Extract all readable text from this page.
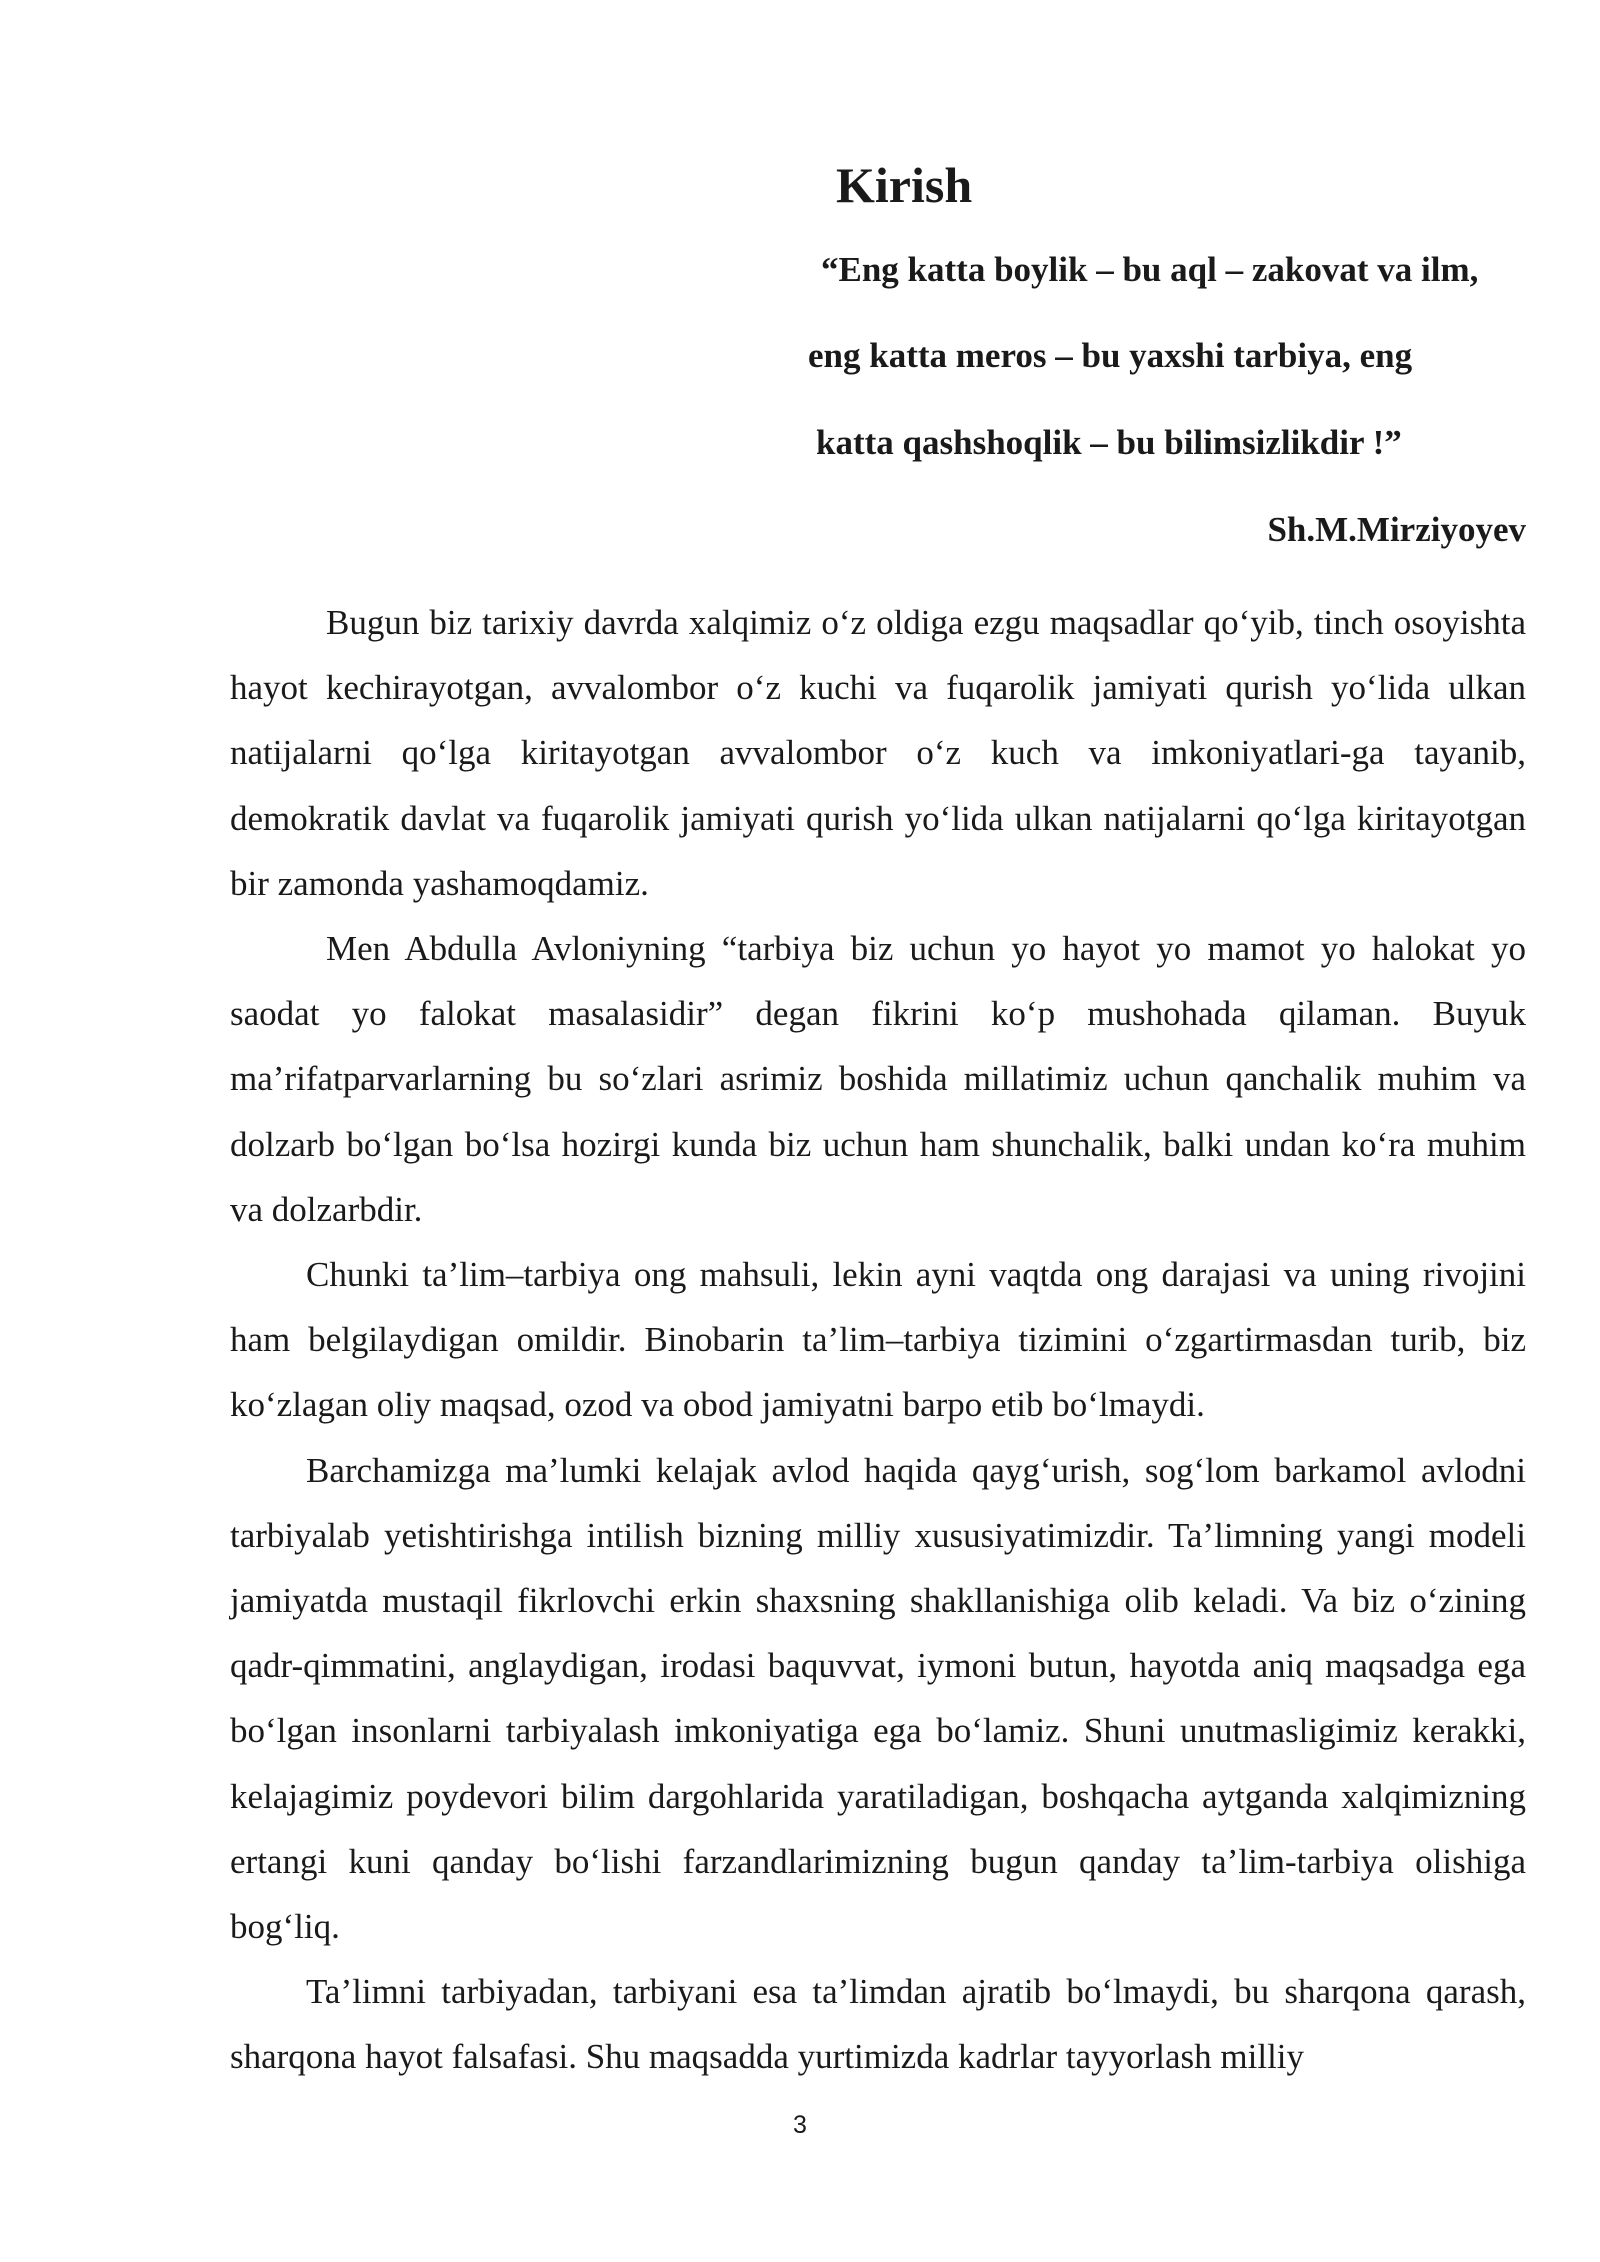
Kirish

“Eng katta boylik – bu aql – zakovat va ilm,

eng katta meros – bu yaxshi tarbiya, eng

katta qashshoqlik – bu bilimsizlikdir !”

Sh.M.Mirziyoyev

Bugun biz tarixiy davrda xalqimiz o‘z oldiga ezgu maqsadlar qo‘yib, tinch osoyishta hayot kechirayotgan, avvalombor o‘z kuchi va fuqarolik jamiyati qurish yo‘lida ulkan natijalarni qo‘lga kiritayotgan avvalombor o‘z kuch va imkoniyatlari-ga tayanib, demokratik davlat va fuqarolik jamiyati qurish yo‘lida ulkan natijalarni qo‘lga kiritayotgan bir zamonda yashamoqdamiz.

Men Abdulla Avloniyning “tarbiya biz uchun yo hayot yo mamot yo halokat yo saodat yo falokat masalasidir” degan fikrini ko‘p mushohada qilaman. Buyuk ma’rifatparvarlarning bu so‘zlari asrimiz boshida millatimiz uchun qanchalik muhim va dolzarb bo‘lgan bo‘lsa hozirgi kunda biz uchun ham shunchalik, balki undan ko‘ra muhim va dolzarbdir.

Chunki ta’lim–tarbiya ong mahsuli, lekin ayni vaqtda ong darajasi va uning rivojini ham belgilaydigan omildir. Binobarin ta’lim–tarbiya tizimini o‘zgartirmasdan turib, biz ko‘zlagan oliy maqsad, ozod va obod jamiyatni barpo etib bo‘lmaydi.

Barchamizga ma’lumki kelajak avlod haqida qayg‘urish, sog‘lom barkamol avlodni tarbiyalab yetishtirishga intilish bizning milliy xususiyatimizdir. Ta’limning yangi modeli jamiyatda mustaqil fikrlovchi erkin shaxsning shakllanishiga olib keladi. Va biz o‘zining qadr-qimmatini, anglaydigan, irodasi baquvvat, iymoni butun, hayotda aniq maqsadga ega bo‘lgan insonlarni tarbiyalash imkoniyatiga ega bo‘lamiz. Shuni unutmasligimiz kerakki, kelajagimiz poydevori bilim dargohlarida yaratiladigan, boshqacha aytganda xalqimizning ertangi kuni qanday bo‘lishi farzandlarimizning bugun qanday ta’lim-tarbiya olishiga bog‘liq.

Ta’limni tarbiyadan, tarbiyani esa ta’limdan ajratib bo‘lmaydi, bu sharqona qarash, sharqona hayot falsafasi. Shu maqsadda yurtimizda kadrlar tayyorlash milliy

3
